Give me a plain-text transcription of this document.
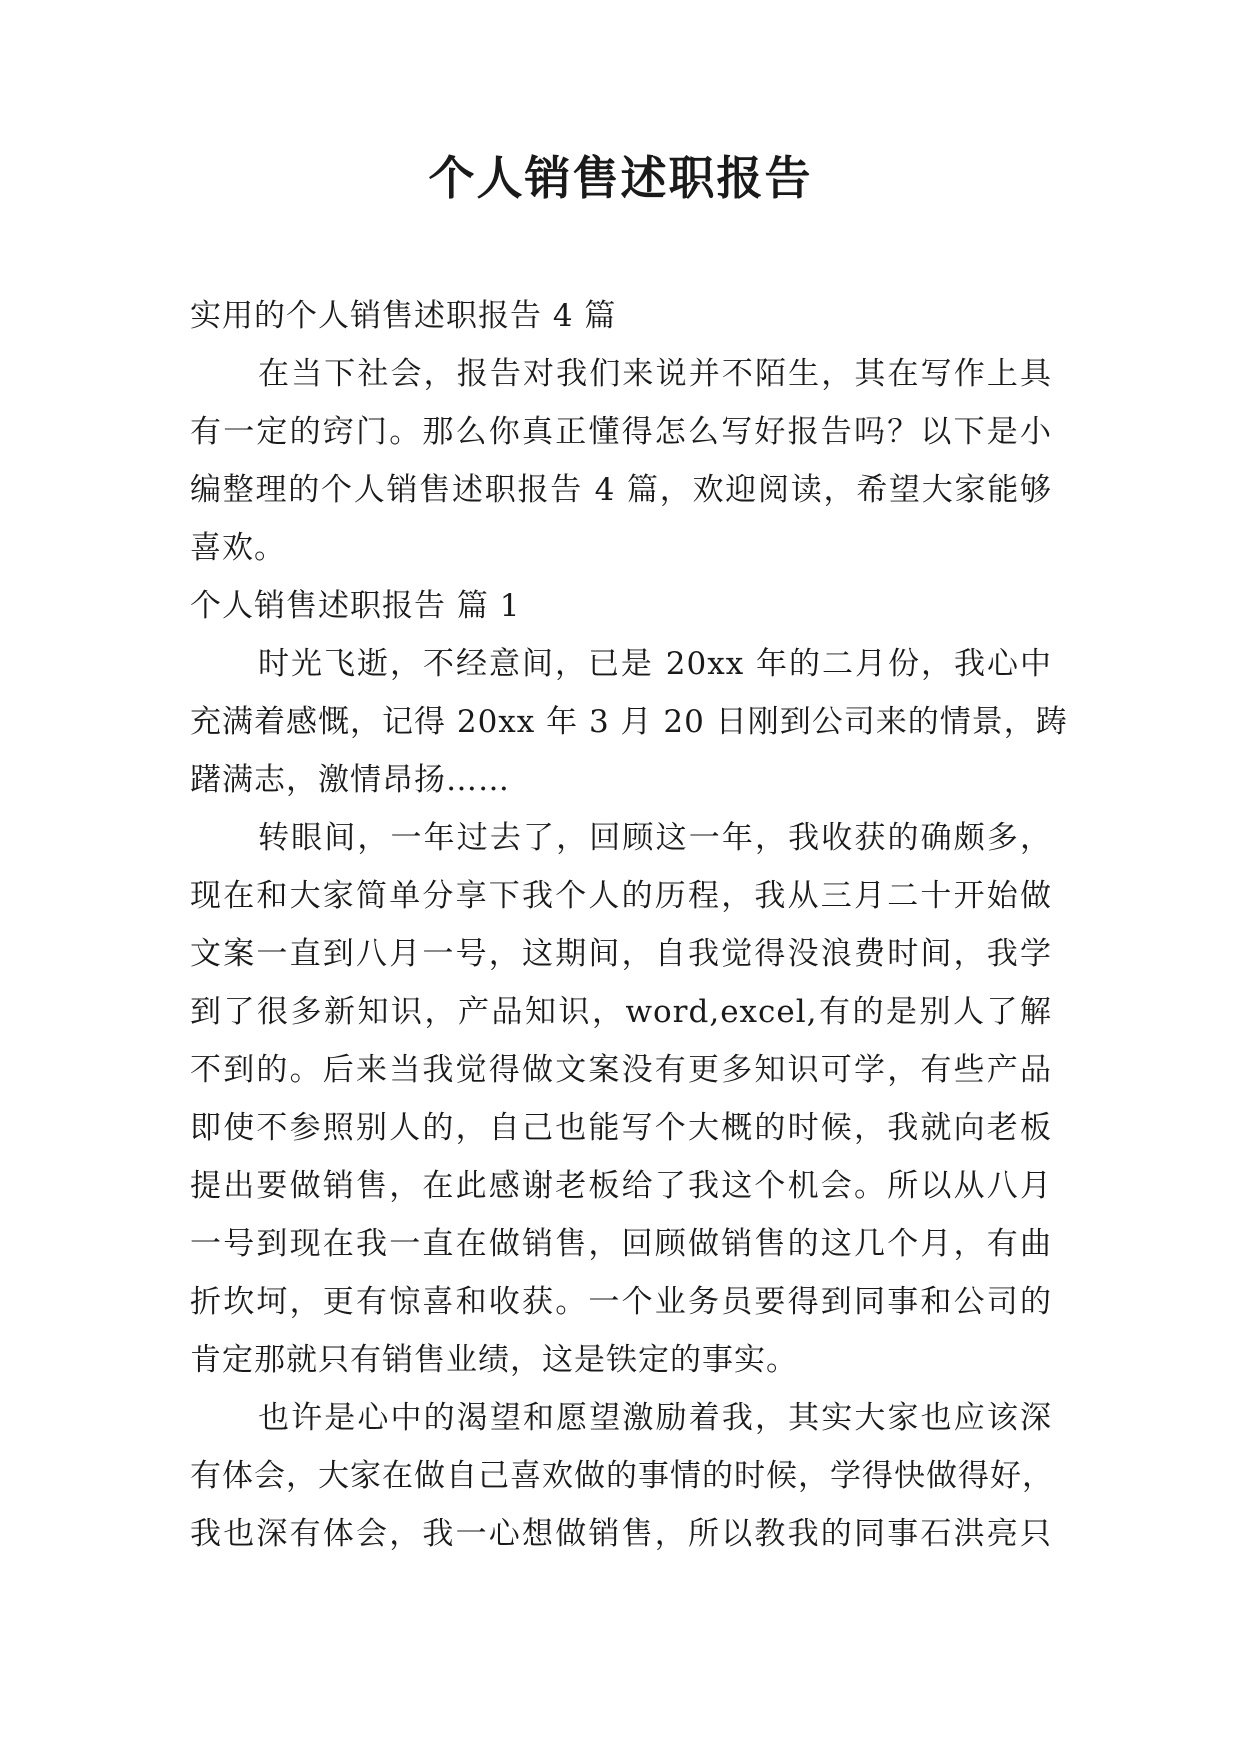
个人销售述职报告
实用的个人销售述职报告 4 篇
在当下社会，报告对我们来说并不陌生，其在写作上具
有一定的窍门。那么你真正懂得怎么写好报告吗？以下是小
编整理的个人销售述职报告 4 篇，欢迎阅读，希望大家能够
喜欢。
个人销售述职报告 篇 1
时光飞逝，不经意间，已是 20xx 年的二月份，我心中
充满着感慨，记得 20xx 年 3 月 20 日刚到公司来的情景，踌
躇满志，激情昂扬……
转眼间，一年过去了，回顾这一年，我收获的确颇多，
现在和大家简单分享下我个人的历程，我从三月二十开始做
文案一直到八月一号，这期间，自我觉得没浪费时间，我学
到了很多新知识，产品知识，word,excel,有的是别人了解
不到的。后来当我觉得做文案没有更多知识可学，有些产品
即使不参照别人的，自己也能写个大概的时候，我就向老板
提出要做销售，在此感谢老板给了我这个机会。所以从八月
一号到现在我一直在做销售，回顾做销售的这几个月，有曲
折坎坷，更有惊喜和收获。一个业务员要得到同事和公司的
肯定那就只有销售业绩，这是铁定的事实。
也许是心中的渴望和愿望激励着我，其实大家也应该深
有体会，大家在做自己喜欢做的事情的时候，学得快做得好，
我也深有体会，我一心想做销售，所以教我的同事石洪亮只
